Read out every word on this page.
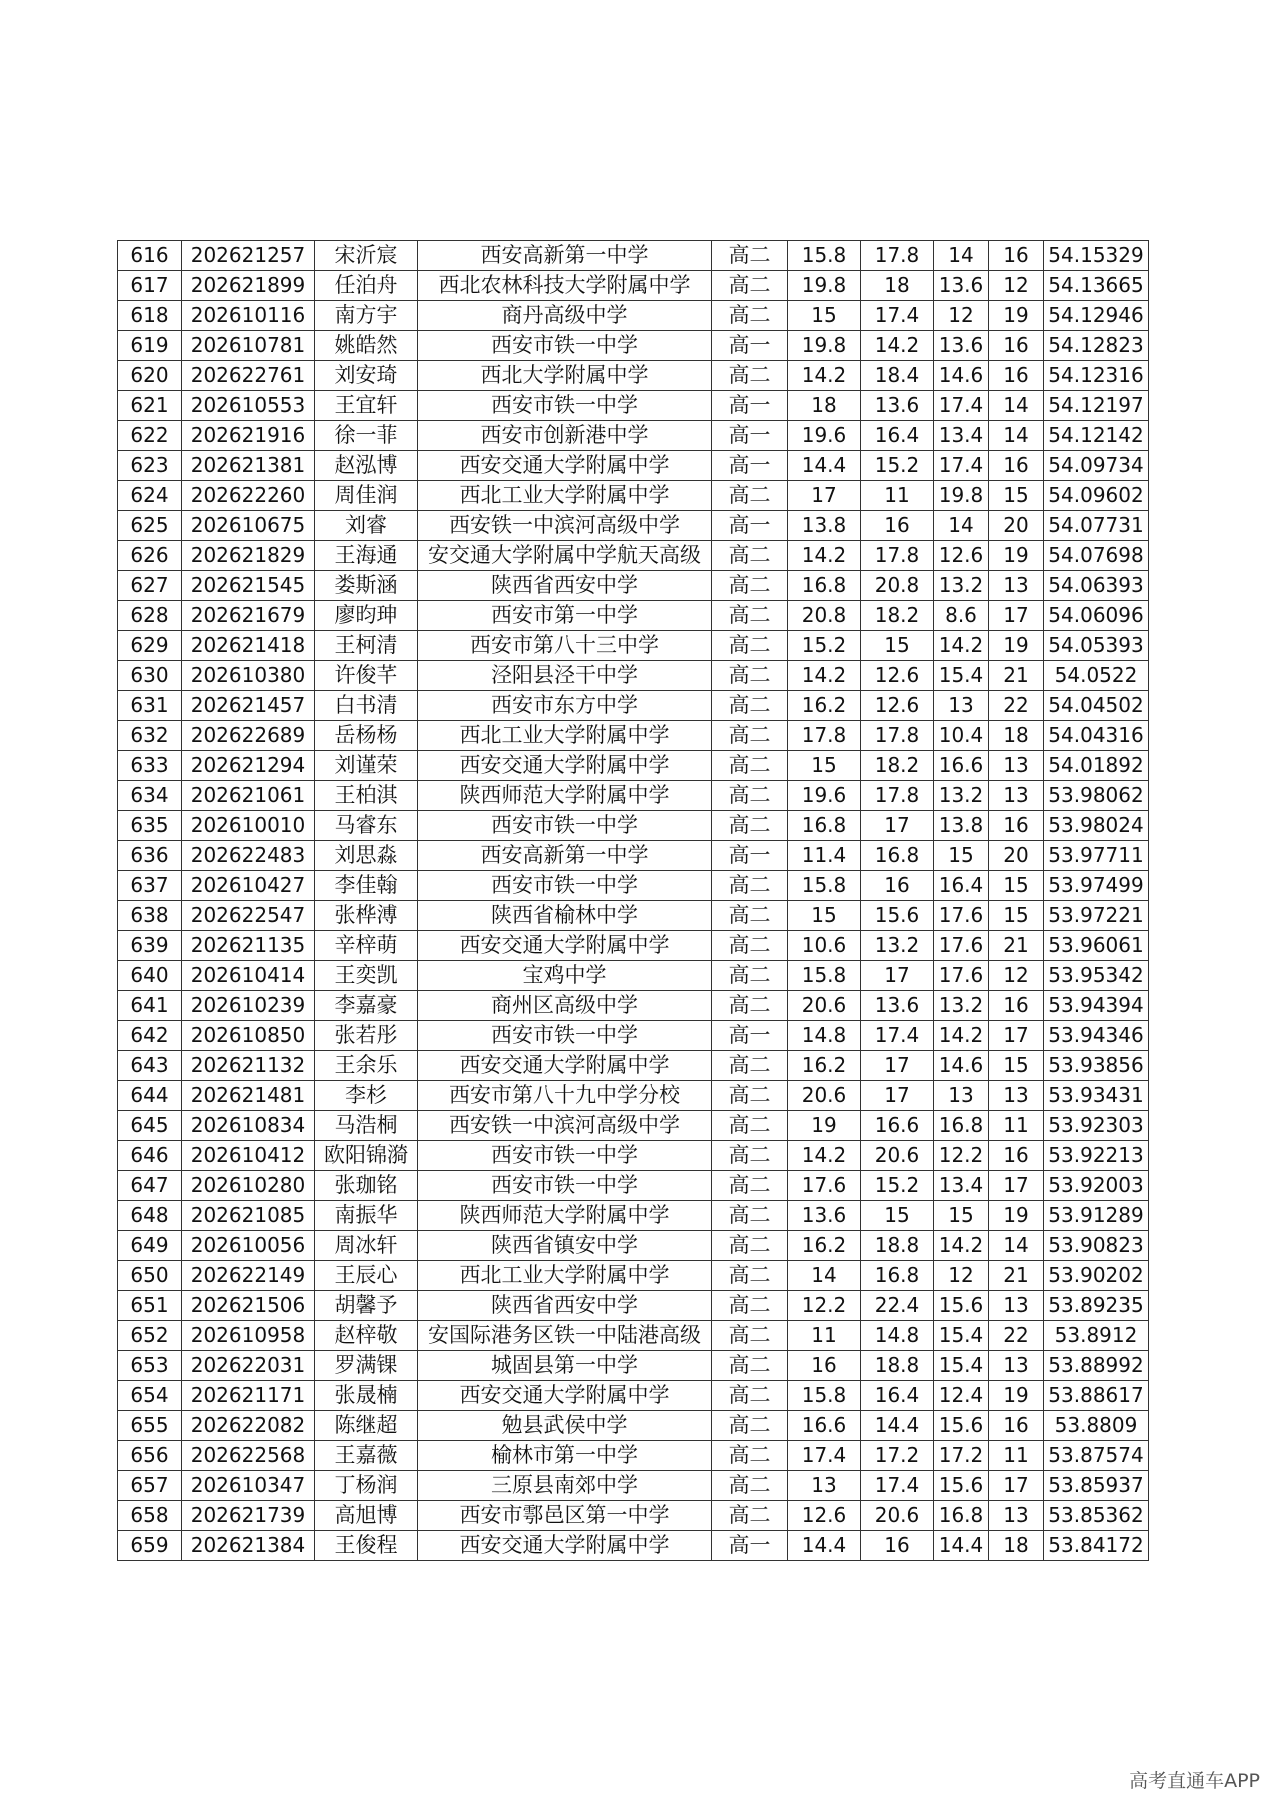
616	202621257	宋沂宸	西安高新第一中学	高二	15.8	17.8	14	16	54.15329
617	202621899	任泊舟	西北农林科技大学附属中学	高二	19.8	18	13.6	12	54.13665
618	202610116	南方宇	商丹高级中学	高二	15	17.4	12	19	54.12946
619	202610781	姚皓然	西安市铁一中学	高一	19.8	14.2	13.6	16	54.12823
620	202622761	刘安琦	西北大学附属中学	高二	14.2	18.4	14.6	16	54.12316
621	202610553	王宜轩	西安市铁一中学	高一	18	13.6	17.4	14	54.12197
622	202621916	徐一菲	西安市创新港中学	高一	19.6	16.4	13.4	14	54.12142
623	202621381	赵泓博	西安交通大学附属中学	高一	14.4	15.2	17.4	16	54.09734
624	202622260	周佳润	西北工业大学附属中学	高二	17	11	19.8	15	54.09602
625	202610675	刘睿	西安铁一中滨河高级中学	高一	13.8	16	14	20	54.07731
626	202621829	王海通	安交通大学附属中学航天高级	高二	14.2	17.8	12.6	19	54.07698
627	202621545	娄斯涵	陕西省西安中学	高二	16.8	20.8	13.2	13	54.06393
628	202621679	廖昀珅	西安市第一中学	高二	20.8	18.2	8.6	17	54.06096
629	202621418	王柯清	西安市第八十三中学	高二	15.2	15	14.2	19	54.05393
630	202610380	许俊芊	泾阳县泾干中学	高二	14.2	12.6	15.4	21	54.0522
631	202621457	白书清	西安市东方中学	高二	16.2	12.6	13	22	54.04502
632	202622689	岳杨杨	西北工业大学附属中学	高二	17.8	17.8	10.4	18	54.04316
633	202621294	刘谨荣	西安交通大学附属中学	高二	15	18.2	16.6	13	54.01892
634	202621061	王柏淇	陕西师范大学附属中学	高二	19.6	17.8	13.2	13	53.98062
635	202610010	马睿东	西安市铁一中学	高二	16.8	17	13.8	16	53.98024
636	202622483	刘思淼	西安高新第一中学	高一	11.4	16.8	15	20	53.97711
637	202610427	李佳翰	西安市铁一中学	高二	15.8	16	16.4	15	53.97499
638	202622547	张桦溥	陕西省榆林中学	高二	15	15.6	17.6	15	53.97221
639	202621135	辛梓萌	西安交通大学附属中学	高二	10.6	13.2	17.6	21	53.96061
640	202610414	王奕凯	宝鸡中学	高二	15.8	17	17.6	12	53.95342
641	202610239	李嘉豪	商州区高级中学	高二	20.6	13.6	13.2	16	53.94394
642	202610850	张若彤	西安市铁一中学	高一	14.8	17.4	14.2	17	53.94346
643	202621132	王余乐	西安交通大学附属中学	高二	16.2	17	14.6	15	53.93856
644	202621481	李杉	西安市第八十九中学分校	高二	20.6	17	13	13	53.93431
645	202610834	马浩桐	西安铁一中滨河高级中学	高二	19	16.6	16.8	11	53.92303
646	202610412	欧阳锦漪	西安市铁一中学	高二	14.2	20.6	12.2	16	53.92213
647	202610280	张珈铭	西安市铁一中学	高二	17.6	15.2	13.4	17	53.92003
648	202621085	南振华	陕西师范大学附属中学	高二	13.6	15	15	19	53.91289
649	202610056	周冰轩	陕西省镇安中学	高二	16.2	18.8	14.2	14	53.90823
650	202622149	王辰心	西北工业大学附属中学	高二	14	16.8	12	21	53.90202
651	202621506	胡馨予	陕西省西安中学	高二	12.2	22.4	15.6	13	53.89235
652	202610958	赵梓敬	安国际港务区铁一中陆港高级	高二	11	14.8	15.4	22	53.8912
653	202622031	罗满锞	城固县第一中学	高二	16	18.8	15.4	13	53.88992
654	202621171	张晟楠	西安交通大学附属中学	高二	15.8	16.4	12.4	19	53.88617
655	202622082	陈继超	勉县武侯中学	高二	16.6	14.4	15.6	16	53.8809
656	202622568	王嘉薇	榆林市第一中学	高二	17.4	17.2	17.2	11	53.87574
657	202610347	丁杨润	三原县南郊中学	高二	13	17.4	15.6	17	53.85937
658	202621739	高旭博	西安市鄠邑区第一中学	高二	12.6	20.6	16.8	13	53.85362
659	202621384	王俊程	西安交通大学附属中学	高一	14.4	16	14.4	18	53.84172
高考直通车APP
